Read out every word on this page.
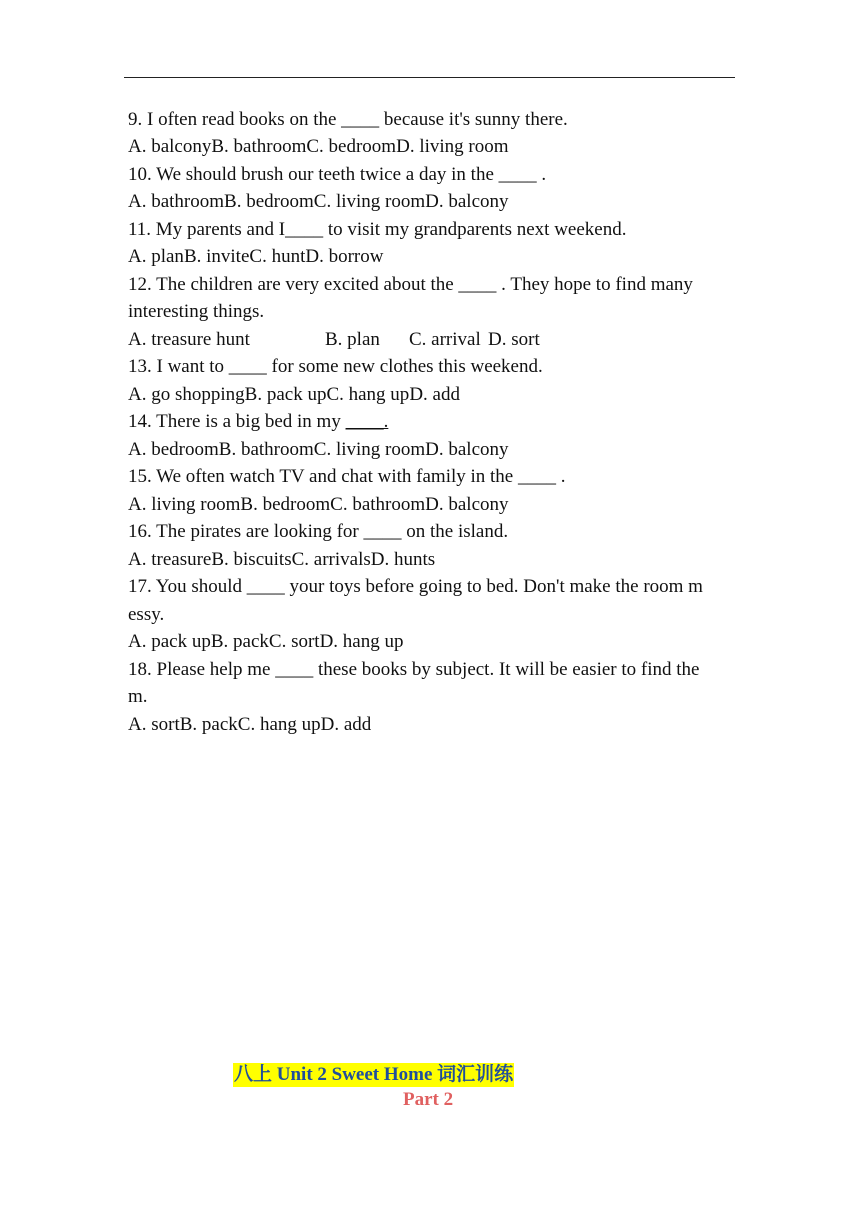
9. I often read books on the ____ because it's sunny there.
A. balconyB. bathroomC. bedroomD. living room
10. We should brush our teeth twice a day in the ____ .
A. bathroomB. bedroomC. living roomD. balcony
11. My parents and I____ to visit my grandparents next weekend.
A. planB. inviteC. huntD. borrow
12. The children are very excited about the ____ . They hope to find many
interesting things.
A. treasure hunt	B. plan C. arrival D. sort
13. I want to ____ for some new clothes this weekend.
A. go shoppingB. pack upC. hang upD. add
14. There is a big bed in my ____.
A. bedroomB. bathroomC. living roomD. balcony
15. We often watch TV and chat with family in the ____ .
A. living roomB. bedroomC. bathroomD. balcony
16. The pirates are looking for ____ on the island.
A. treasureB. biscuitsC. arrivalsD. hunts
17. You should ____ your toys before going to bed. Don't make the room m
essy.
A. pack upB. packC. sortD. hang up
18. Please help me ____ these books by subject. It will be easier to find the
m.
A. sortB. packC. hang upD. add
八上 Unit 2 Sweet Home 词汇训练
Part 2
